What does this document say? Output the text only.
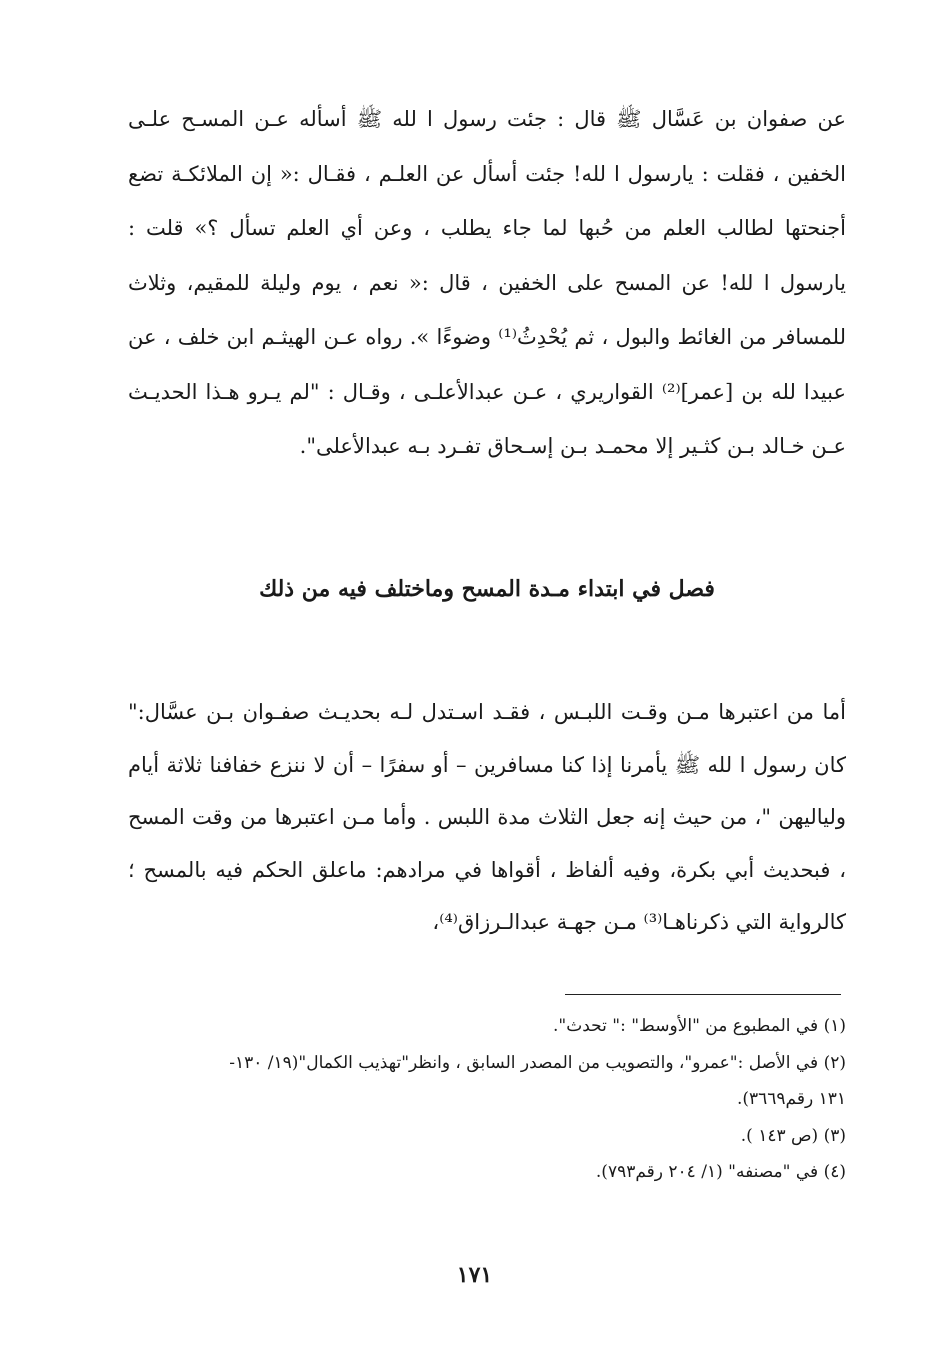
عن صفوان بن عَسَّال ﷺ قال : جئت رسول ا لله ﷺ أسأله عـن المسـح علـى الخفين ، فقلت : يارسول ا لله! جئت أسأل عن العلـم ، فقـال :« إن الملائكـة تضع أجنحتها لطالب العلم من حُبها لما جاء يطلب ، وعن أي العلم تسأل ؟» قلت : يارسول ا لله! عن المسح على الخفين ، قال :« نعم ، يوم وليلة للمقيم، وثلاث للمسافر من الغائط والبول ، ثم يُحْدِثُ⁽¹⁾ وضوءًا ». رواه عـن الهيثـم ابن خلف ، عن عبيدا لله بن [عمر]⁽²⁾ القواريري ، عـن عبدالأعلـى ، وقـال : "لم يـرو هـذا الحديـث عـن خـالد بـن كثـير إلا محمـد بـن إسـحاق تفـرد بـه عبدالأعلى".

فصل في ابتداء مـدة المسح وماختلف فيه من ذلك

أما من اعتبرها مـن وقـت اللبـس ، فقـد اسـتدل لـه بحديـث صفـوان بـن عسَّال:" كان رسول ا لله ﷺ يأمرنا إذا كنا مسافرين – أو سفرًا – أن لا ننزع خفافنا ثلاثة أيام ولياليهن "، من حيث إنه جعل الثلاث مدة اللبس . وأما مـن اعتبرها من وقت المسح ، فبحديث أبي بكرة، وفيه ألفاظ ، أقواها في مرادهم: ماعلق الحكم فيه بالمسح ؛ كالرواية التي ذكرناهـا⁽³⁾ مـن جهـة عبدالـرزاق⁽⁴⁾،

(١) في المطبوع من "الأوسط" :" تحدث".
(٢) في الأصل :"عمرو"، والتصويب من المصدر السابق ، وانظر"تهذيب الكمال"(١٩/ ١٣٠-
١٣١ رقم٣٦٦٩).
(٣) (ص ١٤٣ ).
(٤) في "مصنفه" (١/ ٢٠٤ رقم٧٩٣).
١٧١
